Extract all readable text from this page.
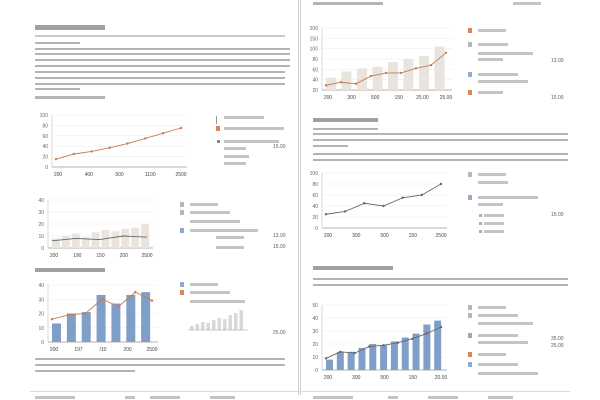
100
80
60
40
20
0
200	400	500	1100	2500
15.00
40
30
20
10
0
200	190	150	200	2500
13.00
15.00
40
30
20
10
0
200	197	/10	200	2500
25.00
200
150
100
80
60
40
20
200	300	500	150	25.00 25.00
13.00
15.00
100
80
60
40
20
0
200	300	500	150	2500
15.00
50
40
30
20
10
0
200	300	500	150	20.00
35.00
25.00
